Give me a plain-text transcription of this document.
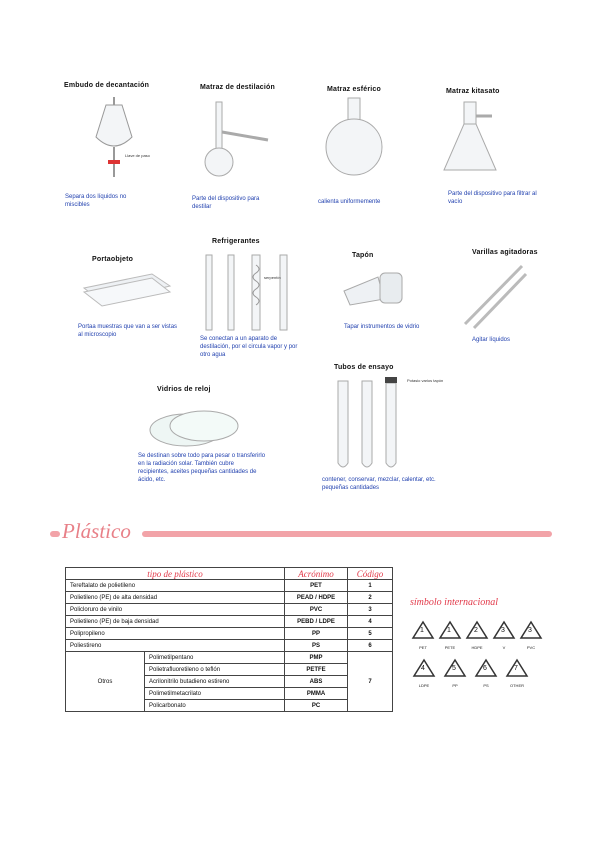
Embudo de decantación
Llave de paso
Separa dos líquidos no miscibles
Matraz de destilación
Parte del dispositivo para destilar
Matraz esférico
calienta uniformemente
Matraz kitasato
Parte del dispositivo para filtrar al vacío
Portaobjeto
Portaa muestras que van a ser vistas al microscopio
Refrigerantes
serpentín
Se conectan a un aparato de destilación, por el circula vapor y por otro agua
Tapón
Tapar instrumentos de vidrio
Varillas agitadoras
Agitar líquidos
Vidrios de reloj
Se destinan sobre todo para pesar o transferirlo en la radiación solar. También cubre recipientes, aceites pequeñas cantidades de ácido, etc.
Tubos de ensayo
Potasio varios tapón
contener, conservar, mezclar, calentar, etc. pequeñas cantidades
Plástico
tipo de plástico		Acrónimo	Código
Tereftalato de polietileno		PET	1
Polietileno (PE) de alta densidad		PEAD / HDPE	2
Policloruro de vinilo		PVC	3
Polietileno (PE) de baja densidad		PEBD / LDPE	4
Polipropileno		PP	5
Poliestireno		PS	6
Otros	Polimetilpentano	PMP	7
	Polietrafluoretileno o teflón	PETFE	
	Acrilonitrilo butadieno estireno	ABS	
	Polimetilmetacrilato	PMMA	
	Policarbonato	PC	
símbolo internacional
1
PET
1
PETE
2
HDPE
3
V
3
PVC
4
LDPE
5
PP
6
PS
7
OTHER
